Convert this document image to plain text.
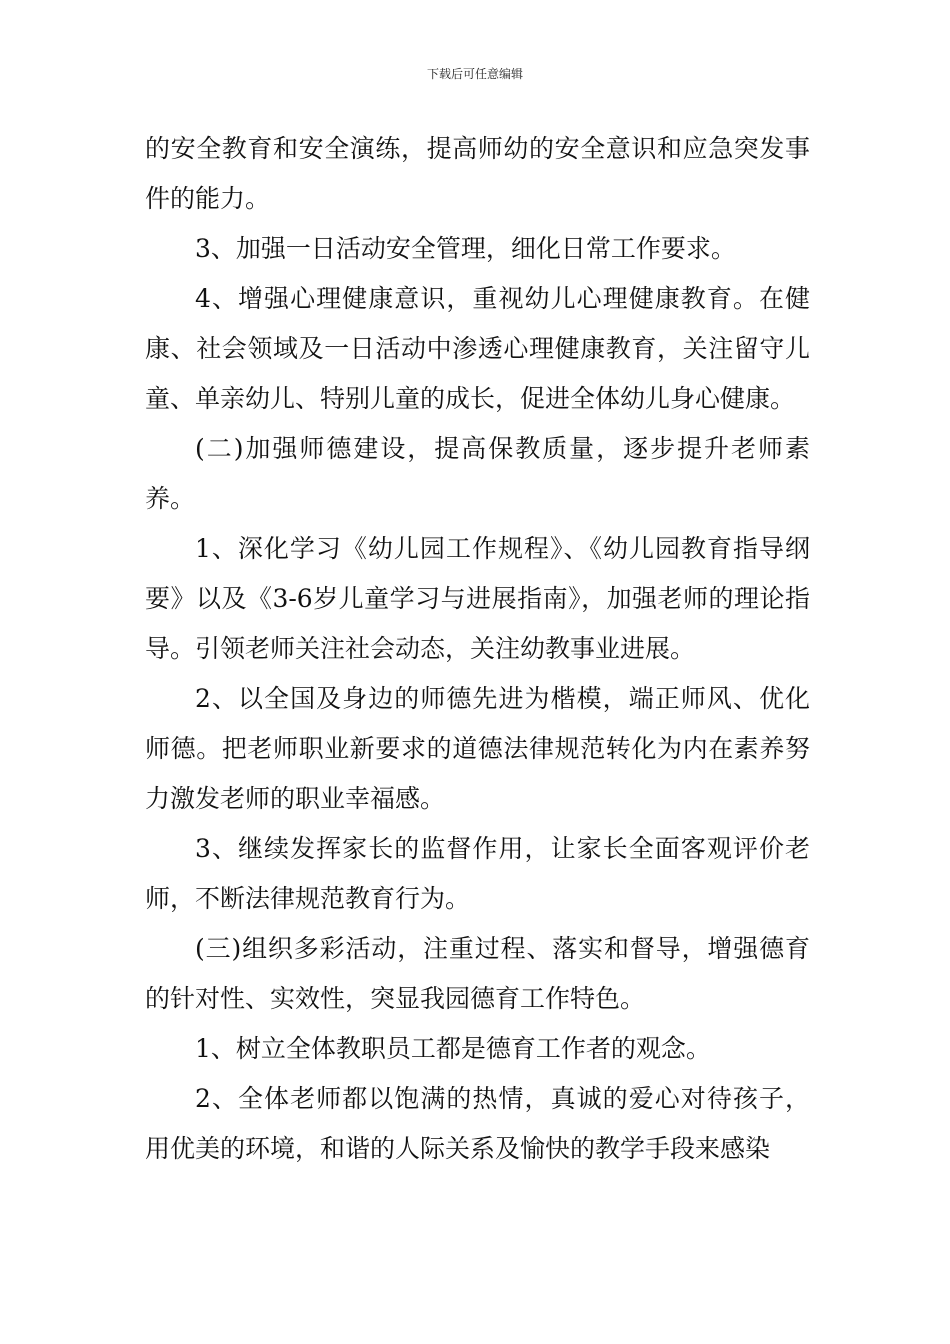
下载后可任意编辑

的安全教育和安全演练，提高师幼的安全意识和应急突发事件的能力。

3、加强一日活动安全管理，细化日常工作要求。

4、增强心理健康意识，重视幼儿心理健康教育。在健康、社会领域及一日活动中渗透心理健康教育，关注留守儿童、单亲幼儿、特别儿童的成长，促进全体幼儿身心健康。

(二)加强师德建设，提高保教质量，逐步提升老师素养。

1、深化学习《幼儿园工作规程》、《幼儿园教育指导纲要》以及《3-6岁儿童学习与进展指南》，加强老师的理论指导。引领老师关注社会动态，关注幼教事业进展。

2、以全国及身边的师德先进为楷模，端正师风、优化师德。把老师职业新要求的道德法律规范转化为内在素养努力激发老师的职业幸福感。

3、继续发挥家长的监督作用，让家长全面客观评价老师，不断法律规范教育行为。

(三)组织多彩活动，注重过程、落实和督导，增强德育的针对性、实效性，突显我园德育工作特色。

1、树立全体教职员工都是德育工作者的观念。

2、全体老师都以饱满的热情，真诚的爱心对待孩子，用优美的环境，和谐的人际关系及愉快的教学手段来感染
